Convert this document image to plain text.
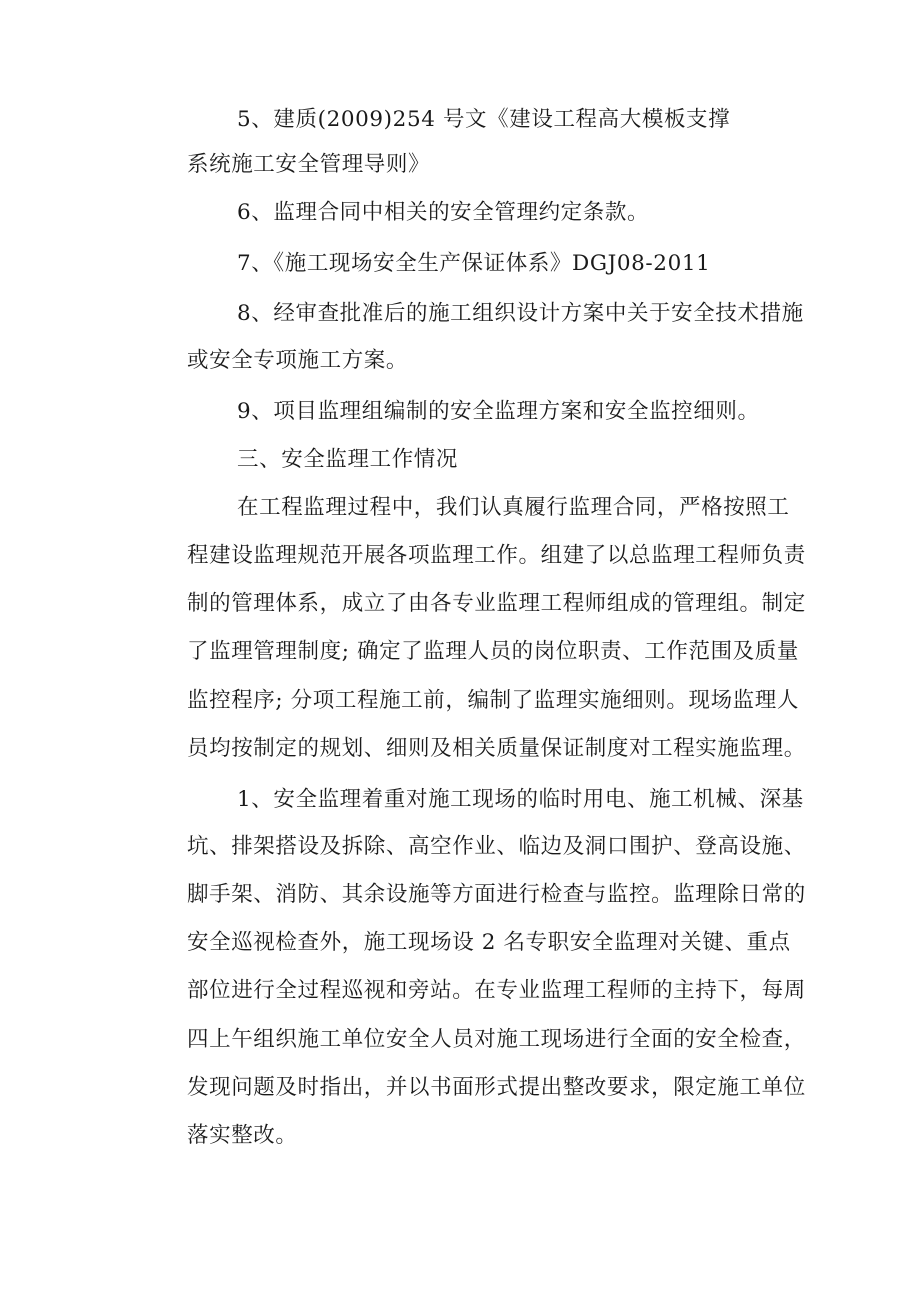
5、建质(2009)254 号文《建设工程高大模板支撑
系统施工安全管理导则》
6、监理合同中相关的安全管理约定条款。
7、《施工现场安全生产保证体系》DGJ08-2011
8、经审查批准后的施工组织设计方案中关于安全技术措施
或安全专项施工方案。
9、项目监理组编制的安全监理方案和安全监控细则。
三、安全监理工作情况
在工程监理过程中，我们认真履行监理合同，严格按照工
程建设监理规范开展各项监理工作。组建了以总监理工程师负责
制的管理体系，成立了由各专业监理工程师组成的管理组。制定
了监理管理制度; 确定了监理人员的岗位职责、工作范围及质量
监控程序; 分项工程施工前，编制了监理实施细则。现场监理人
员均按制定的规划、细则及相关质量保证制度对工程实施监理。
1、安全监理着重对施工现场的临时用电、施工机械、深基
坑、排架搭设及拆除、高空作业、临边及洞口围护、登高设施、
脚手架、消防、其余设施等方面进行检查与监控。监理除日常的
安全巡视检查外，施工现场设 2 名专职安全监理对关键、重点
部位进行全过程巡视和旁站。在专业监理工程师的主持下，每周
四上午组织施工单位安全人员对施工现场进行全面的安全检查，
发现问题及时指出，并以书面形式提出整改要求，限定施工单位
落实整改。
